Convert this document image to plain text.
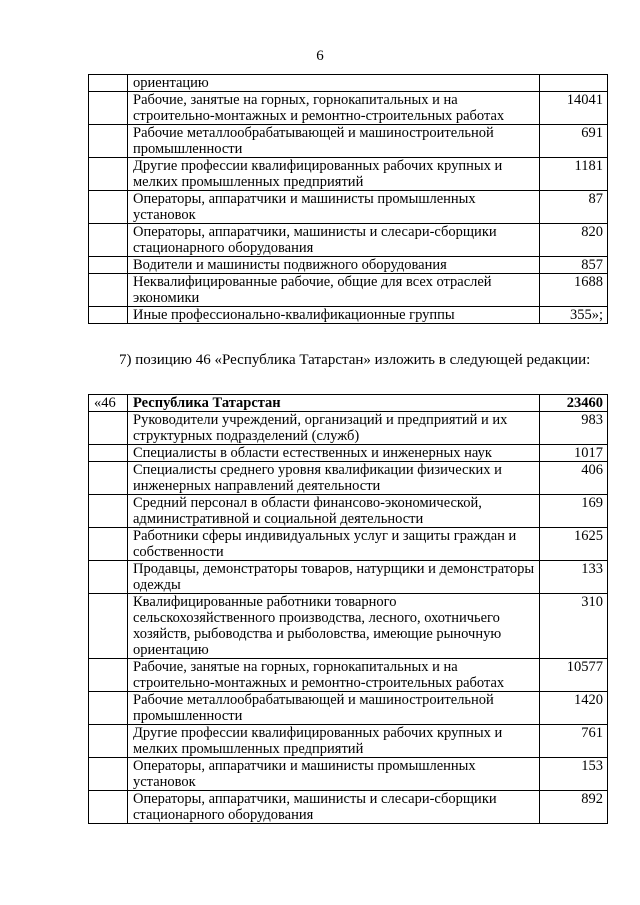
6
	ориентацию	
	Рабочие, занятые на горных, горнокапитальных и на строительно-монтажных и ремонтно-строительных работах	14041
	Рабочие металлообрабатывающей и машиностроительной промышленности	691
	Другие профессии квалифицированных рабочих крупных и мелких промышленных предприятий	1181
	Операторы, аппаратчики и машинисты промышленных установок	87
	Операторы, аппаратчики, машинисты и слесари-сборщики стационарного оборудования	820
	Водители и машинисты подвижного оборудования	857
	Неквалифицированные рабочие, общие для всех отраслей экономики	1688
	Иные профессионально-квалификационные группы	355»;
7) позицию 46 «Республика Татарстан» изложить в следующей редакции:
«46	Республика Татарстан	23460
	Руководители учреждений, организаций и предприятий и их структурных подразделений (служб)	983
	Специалисты в области естественных и инженерных наук	1017
	Специалисты среднего уровня квалификации физических и инженерных направлений деятельности	406
	Средний персонал в области финансово-экономической, административной и социальной деятельности	169
	Работники сферы индивидуальных услуг и защиты граждан и собственности	1625
	Продавцы, демонстраторы товаров, натурщики и демонстраторы одежды	133
	Квалифицированные работники товарного сельскохозяйственного производства, лесного, охотничьего хозяйств, рыбоводства и рыболовства, имеющие рыночную ориентацию	310
	Рабочие, занятые на горных, горнокапитальных и на строительно-монтажных и ремонтно-строительных работах	10577
	Рабочие металлообрабатывающей и машиностроительной промышленности	1420
	Другие профессии квалифицированных рабочих крупных и мелких промышленных предприятий	761
	Операторы, аппаратчики и машинисты промышленных установок	153
	Операторы, аппаратчики, машинисты и слесари-сборщики стационарного оборудования	892
